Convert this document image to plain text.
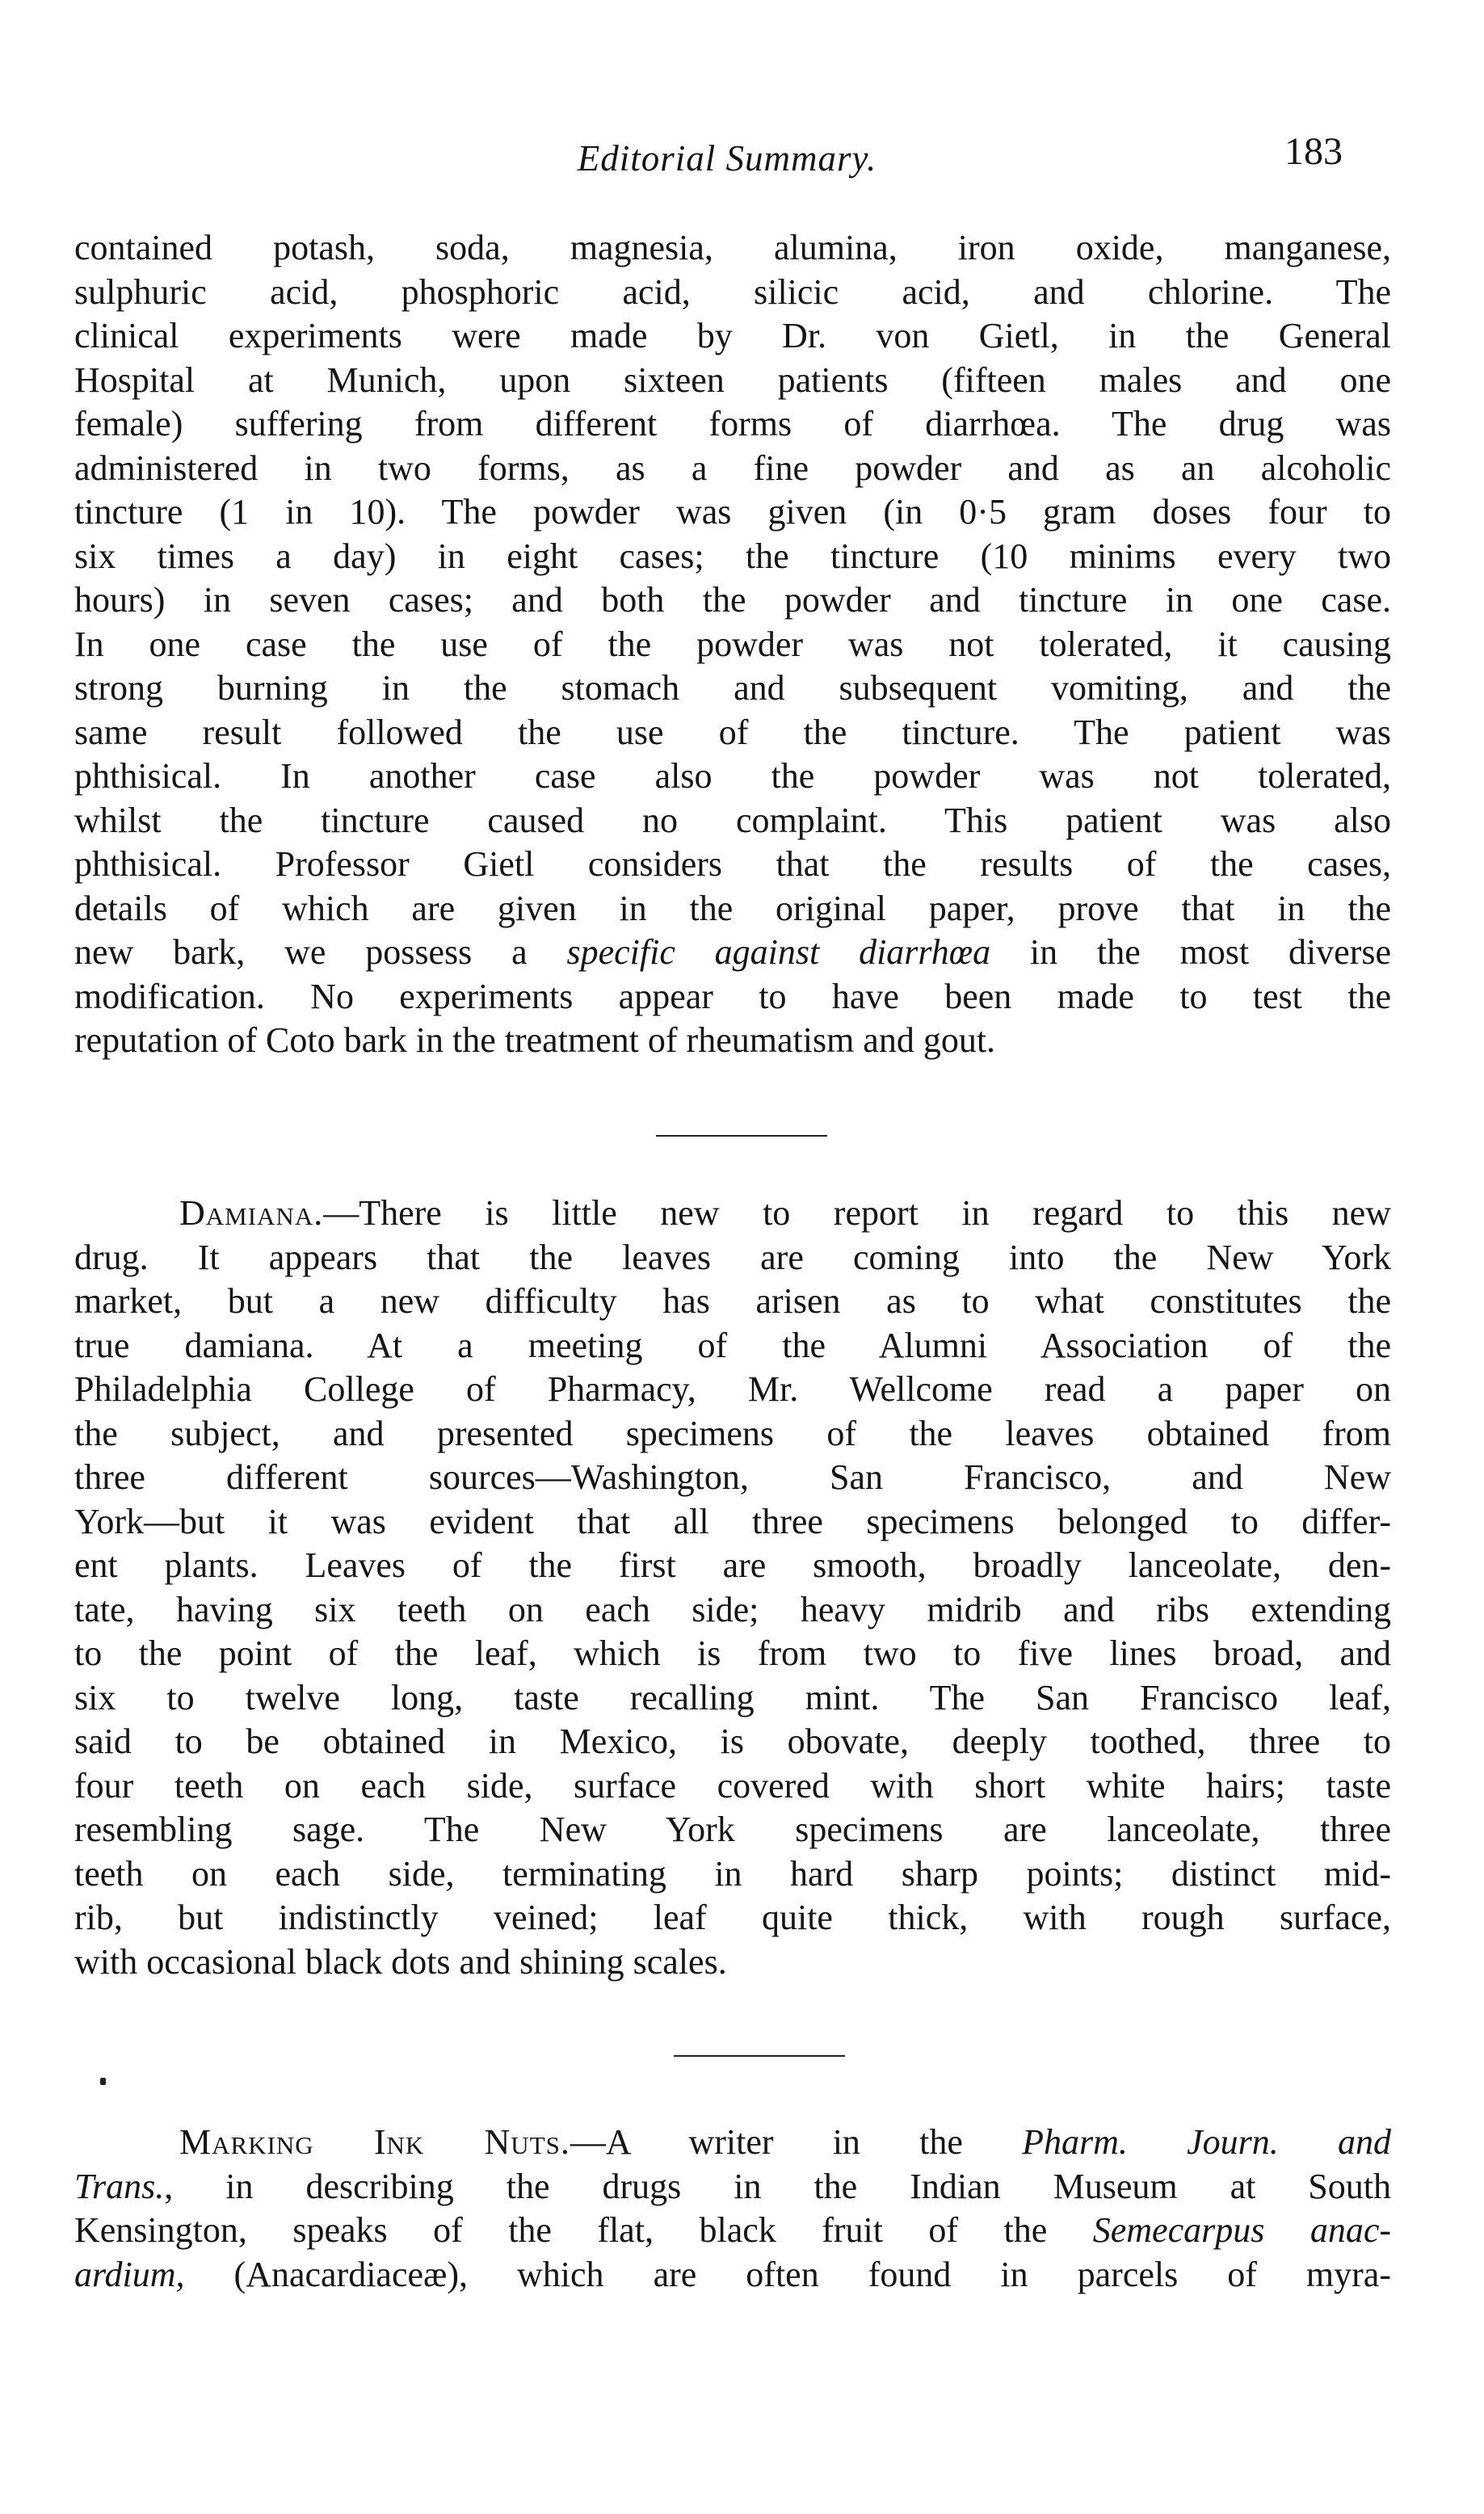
Editorial Summary.	183
contained potash, soda, magnesia, alumina, iron oxide, manganese,
sulphuric acid, phosphoric acid, silicic acid, and chlorine. The
clinical experiments were made by Dr. von Gietl, in the General
Hospital at Munich, upon sixteen patients (fifteen males and one
female) suffering from different forms of diarrhœa. The drug was
administered in two forms, as a fine powder and as an alcoholic
tincture (1 in 10). The powder was given (in 0·5 gram doses four to
six times a day) in eight cases; the tincture (10 minims every two
hours) in seven cases; and both the powder and tincture in one case.
In one case the use of the powder was not tolerated, it causing
strong burning in the stomach and subsequent vomiting, and the
same result followed the use of the tincture. The patient was
phthisical. In another case also the powder was not tolerated,
whilst the tincture caused no complaint. This patient was also
phthisical. Professor Gietl considers that the results of the cases,
details of which are given in the original paper, prove that in the
new bark, we possess a specific against diarrhœa in the most diverse
modification. No experiments appear to have been made to test the
reputation of Coto bark in the treatment of rheumatism and gout.
Damiana.—There is little new to report in regard to this new
drug. It appears that the leaves are coming into the New York
market, but a new difficulty has arisen as to what constitutes the
true damiana. At a meeting of the Alumni Association of the
Philadelphia College of Pharmacy, Mr. Wellcome read a paper on
the subject, and presented specimens of the leaves obtained from
three different sources—Washington, San Francisco, and New
York—but it was evident that all three specimens belonged to differ-
ent plants. Leaves of the first are smooth, broadly lanceolate, den-
tate, having six teeth on each side; heavy midrib and ribs extending
to the point of the leaf, which is from two to five lines broad, and
six to twelve long, taste recalling mint. The San Francisco leaf,
said to be obtained in Mexico, is obovate, deeply toothed, three to
four teeth on each side, surface covered with short white hairs; taste
resembling sage. The New York specimens are lanceolate, three
teeth on each side, terminating in hard sharp points; distinct mid-
rib, but indistinctly veined; leaf quite thick, with rough surface,
with occasional black dots and shining scales.
Marking Ink Nuts.—A writer in the Pharm. Journ. and
Trans., in describing the drugs in the Indian Museum at South
Kensington, speaks of the flat, black fruit of the Semecarpus anac-
ardium, (Anacardiaceæ), which are often found in parcels of myra-
